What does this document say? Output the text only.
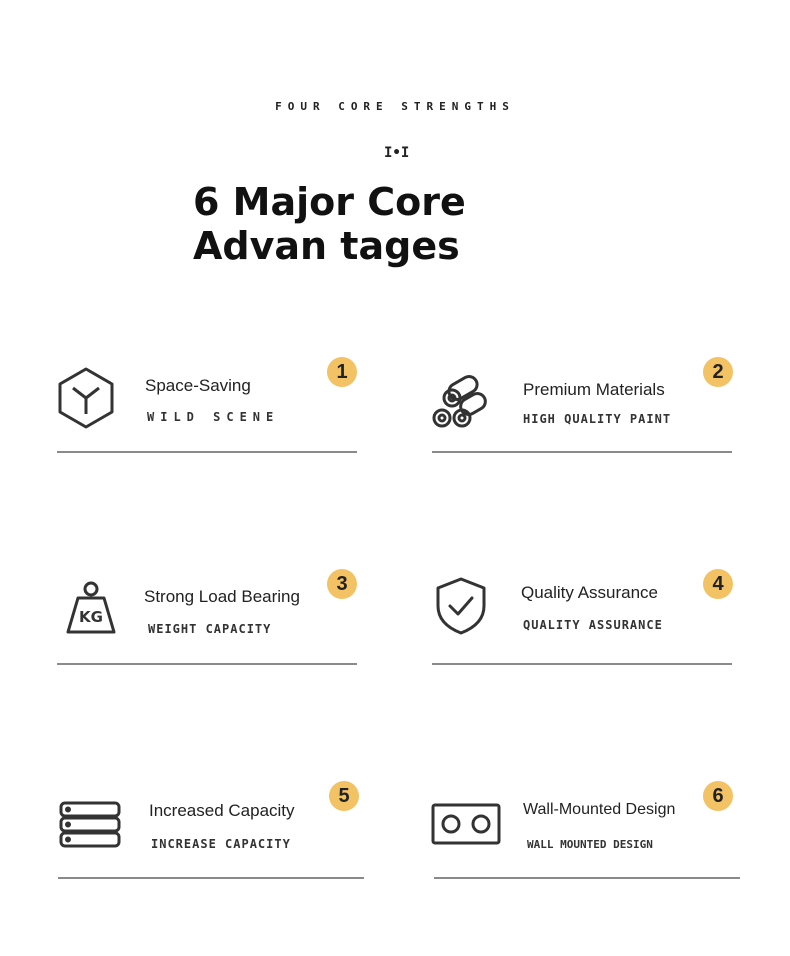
FOUR CORE STRENGTHS
I•I
6 Major Core Advan tages
Space-Saving
WILD SCENE
1
Premium Materials
HIGH QUALITY PAINT
2
KG
Strong Load Bearing
WEIGHT CAPACITY
3	Quality Assurance
QUALITY ASSURANCE
4
Increased Capacity
INCREASE CAPACITY
5
Wall-Mounted Design
WALL MOUNTED DESIGN
6
